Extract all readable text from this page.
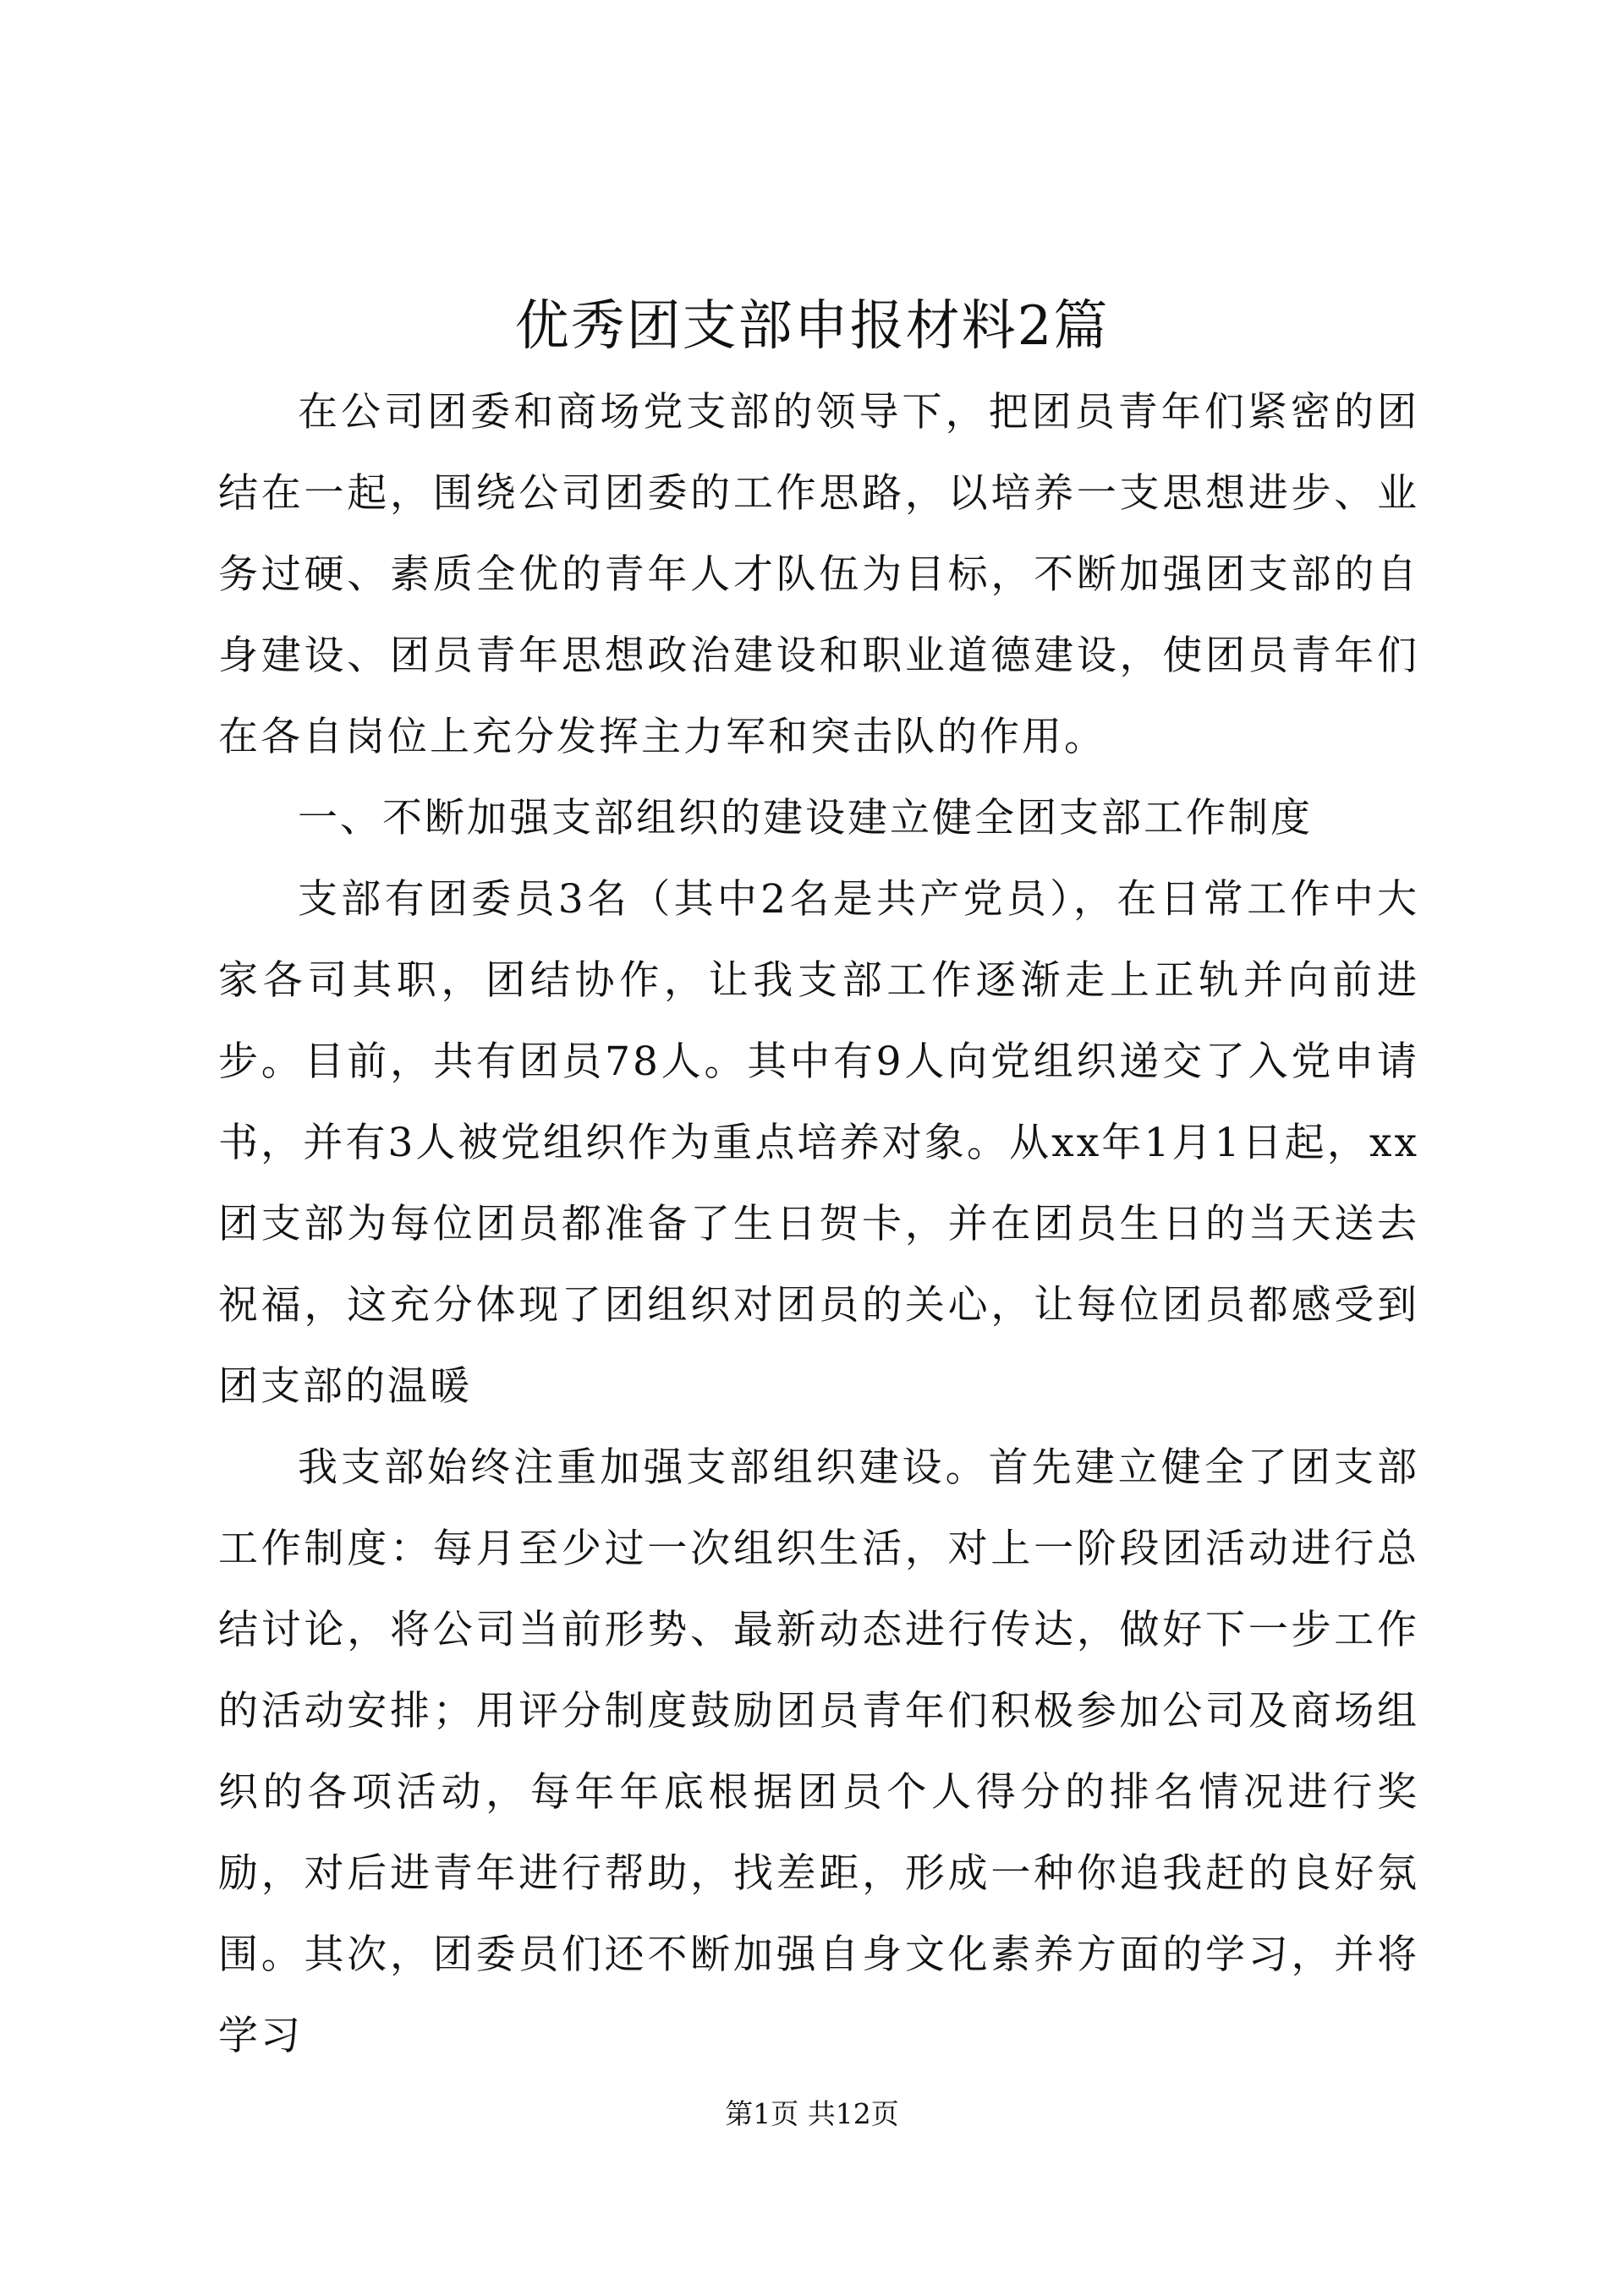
优秀团支部申报材料2篇

在公司团委和商场党支部的领导下，把团员青年们紧密的团结在一起，围绕公司团委的工作思路，以培养一支思想进步、业务过硬、素质全优的青年人才队伍为目标，不断加强团支部的自身建设、团员青年思想政治建设和职业道德建设，使团员青年们在各自岗位上充分发挥主力军和突击队的作用。

一、不断加强支部组织的建设建立健全团支部工作制度

支部有团委员3名（其中2名是共产党员），在日常工作中大家各司其职，团结协作，让我支部工作逐渐走上正轨并向前进步。目前，共有团员78人。其中有9人向党组织递交了入党申请书，并有3人被党组织作为重点培养对象。从xx年1月1日起，xx团支部为每位团员都准备了生日贺卡，并在团员生日的当天送去祝福，这充分体现了团组织对团员的关心，让每位团员都感受到团支部的温暖

我支部始终注重加强支部组织建设。首先建立健全了团支部工作制度：每月至少过一次组织生活，对上一阶段团活动进行总结讨论，将公司当前形势、最新动态进行传达，做好下一步工作的活动安排；用评分制度鼓励团员青年们积极参加公司及商场组织的各项活动，每年年底根据团员个人得分的排名情况进行奖励，对后进青年进行帮助，找差距，形成一种你追我赶的良好氛围。其次，团委员们还不断加强自身文化素养方面的学习，并将学习

第1页 共12页
